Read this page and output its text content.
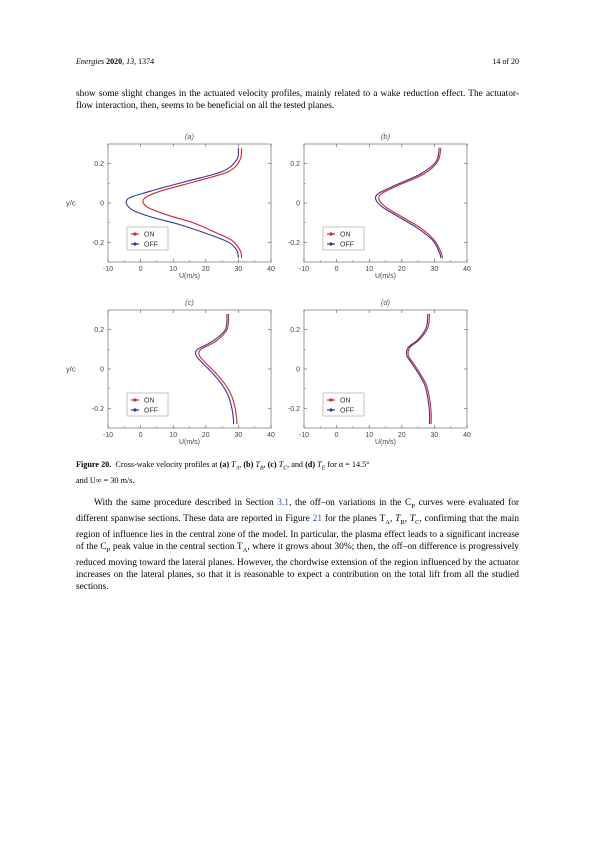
Energies 2020, 13, 1374	14 of 20
show some slight changes in the actuated velocity profiles, mainly related to a wake reduction effect. The actuator-flow interaction, then, seems to be beneficial on all the tested planes.
(a)
-10	0	10	20	30	40
U(m/s)
0.2
0
-0.2
y/c
ON
OFF
(b)
-10	0	10	20	30	40
U(m/s)
0.2
0
-0.2
ON
OFF
(c)
-10	0	10	20	30	40
U(m/s)
0.2
0
-0.2
y/c
ON
OFF
(d)
-10	0	10	20	30	40
U(m/s)
0.2
0
-0.2
ON
OFF
Figure 20. Cross-wake velocity profiles at (a) $T_A$, (b) $T_B$, (c) $T_C$, and (d) $T_E$ for α = 14.5°
and U∞ = 30 m/s.
With the same procedure described in Section 3.1, the off–on variations in the $C_P$ curves were evaluated for different spanwise sections. These data are reported in Figure 21 for the planes $T_A$, $T_B$, $T_C$, confirming that the main region of influence lies in the central zone of the model. In particular, the plasma effect leads to a significant increase of the $C_P$ peak value in the central section $T_A$, where it grows about 30%; then, the off–on difference is progressively reduced moving toward the lateral planes. However, the chordwise extension of the region influenced by the actuator increases on the lateral planes, so that it is reasonable to expect a contribution on the total lift from all the studied sections.
